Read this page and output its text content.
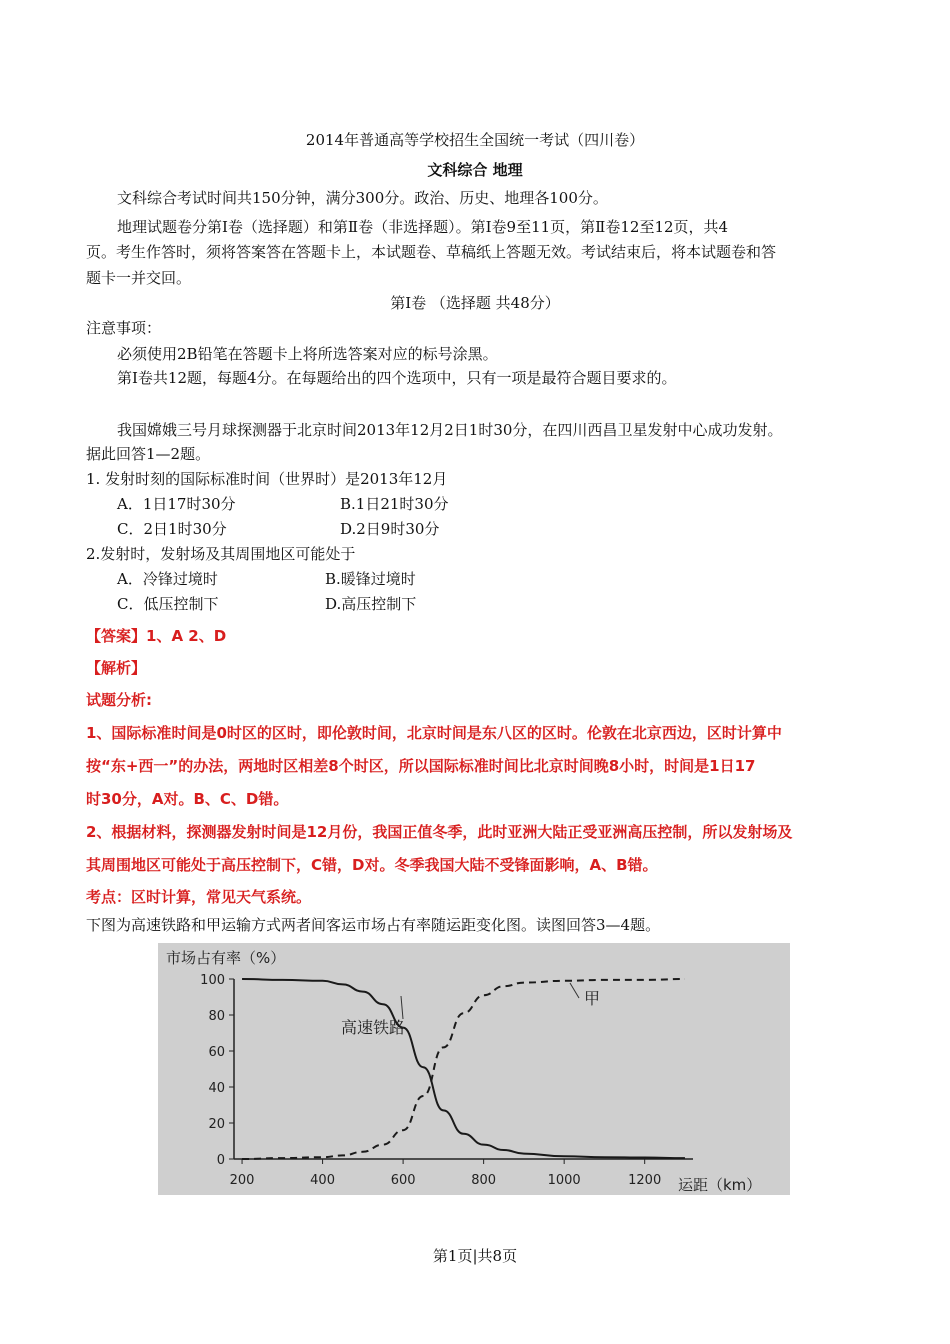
2014年普通高等学校招生全国统一考试（四川卷）
文科综合 地理
文科综合考试时间共150分钟，满分300分。政治、历史、地理各100分。
地理试题卷分第Ⅰ卷（选择题）和第Ⅱ卷（非选择题）。第Ⅰ卷9至11页，第Ⅱ卷12至12页，共4
页。考生作答时，须将答案答在答题卡上，本试题卷、草稿纸上答题无效。考试结束后，将本试题卷和答
题卡一并交回。
第Ⅰ卷 （选择题 共48分）
注意事项：
必须使用2B铅笔在答题卡上将所选答案对应的标号涂黑。
第Ⅰ卷共12题，每题4分。在每题给出的四个选项中，只有一项是最符合题目要求的。
我国嫦娥三号月球探测器于北京时间2013年12月2日1时30分，在四川西昌卫星发射中心成功发射。
据此回答1—2题。
1. 发射时刻的国际标准时间（世界时）是2013年12月
A．1日17时30分	B.1日21时30分
C．2日1时30分	D.2日9时30分
2.发射时，发射场及其周围地区可能处于
A．冷锋过境时	B.暖锋过境时
C．低压控制下	D.高压控制下
【答案】1、A 2、D
【解析】
试题分析:
1、国际标准时间是0时区的区时，即伦敦时间，北京时间是东八区的区时。伦敦在北京西边，区时计算中
按“东+西一”的办法，两地时区相差8个时区，所以国际标准时间比北京时间晚8小时，时间是1日17
时30分，A对。B、C、D错。
2、根据材料，探测器发射时间是12月份，我国正值冬季，此时亚洲大陆正受亚洲高压控制，所以发射场及
其周围地区可能处于高压控制下，C错，D对。冬季我国大陆不受锋面影响，A、B错。
考点：区时计算，常见天气系统。
下图为高速铁路和甲运输方式两者间客运市场占有率随运距变化图。读图回答3—4题。
0
20
40
60
80
100
200	400	600	800	1000	1200
市场占有率（%）
运距（km）
高速铁路
甲
第1页|共8页
